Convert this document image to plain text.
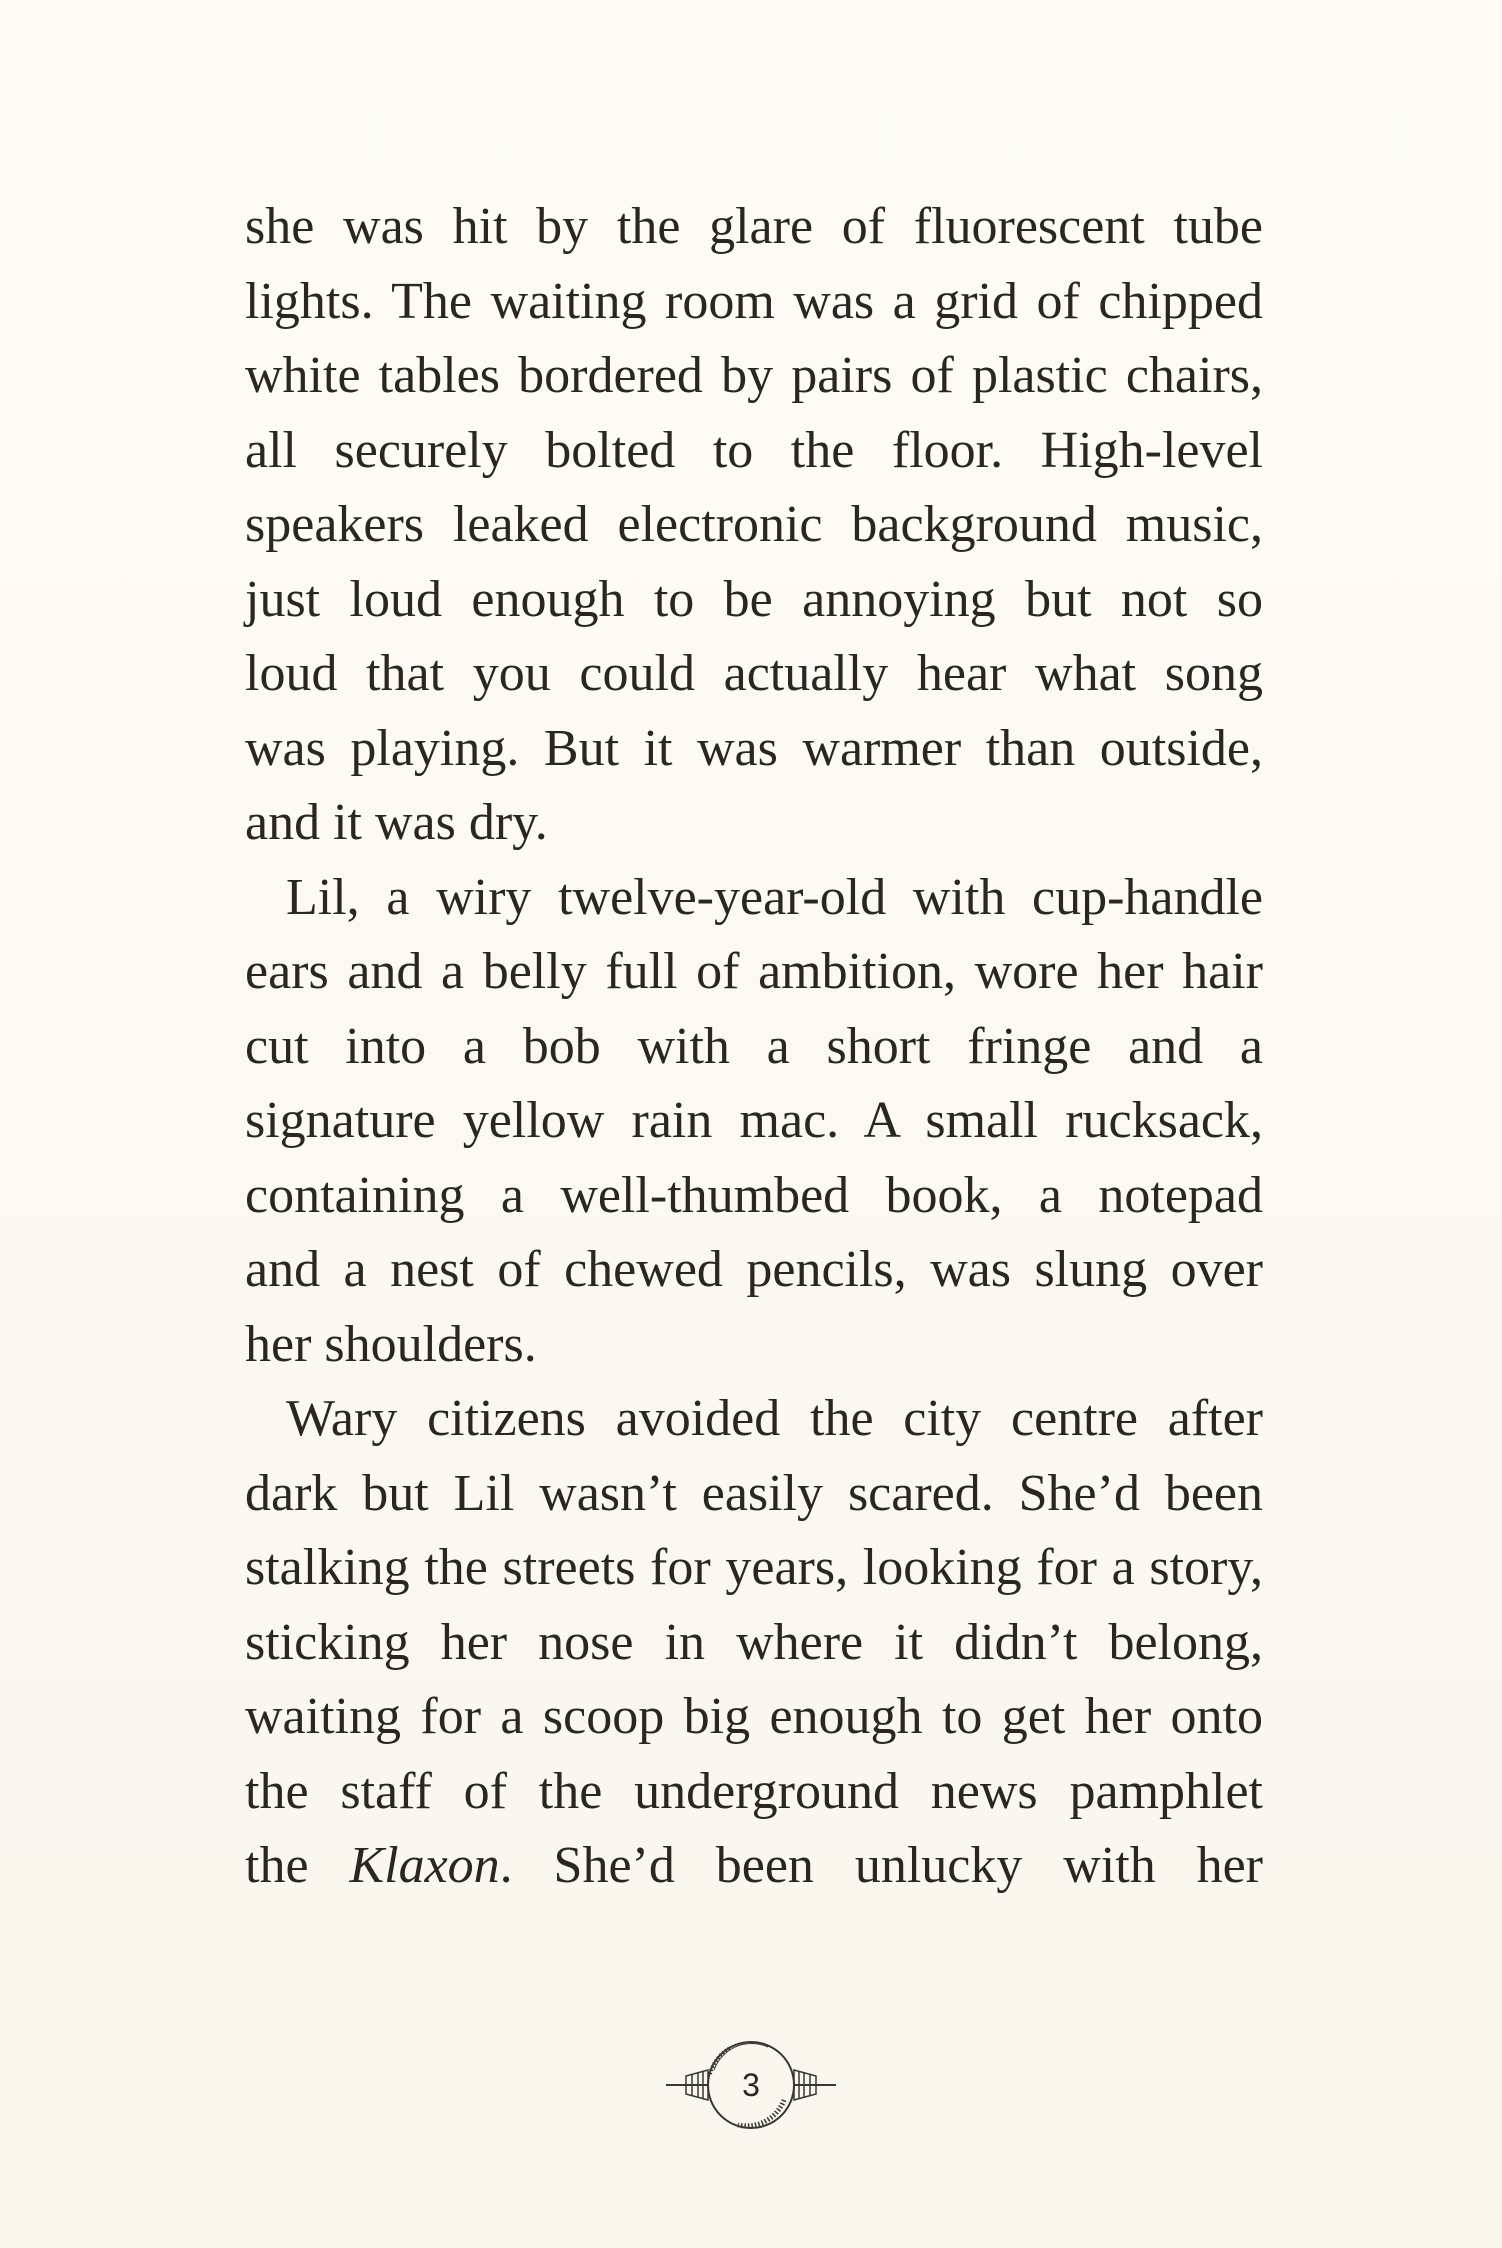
she was hit by the glare of fluorescent tube
lights. The waiting room was a grid of chipped
white tables bordered by pairs of plastic chairs,
all securely bolted to the floor. High-level
speakers leaked electronic background music,
just loud enough to be annoying but not so
loud that you could actually hear what song
was playing. But it was warmer than outside,
and it was dry.
Lil, a wiry twelve-year-old with cup-handle
ears and a belly full of ambition, wore her hair
cut into a bob with a short fringe and a
signature yellow rain mac. A small rucksack,
containing a well-thumbed book, a notepad
and a nest of chewed pencils, was slung over
her shoulders.
Wary citizens avoided the city centre after
dark but Lil wasn’t easily scared. She’d been
stalking the streets for years, looking for a story,
sticking her nose in where it didn’t belong,
waiting for a scoop big enough to get her onto
the staff of the underground news pamphlet
the Klaxon. She’d been unlucky with her
3
